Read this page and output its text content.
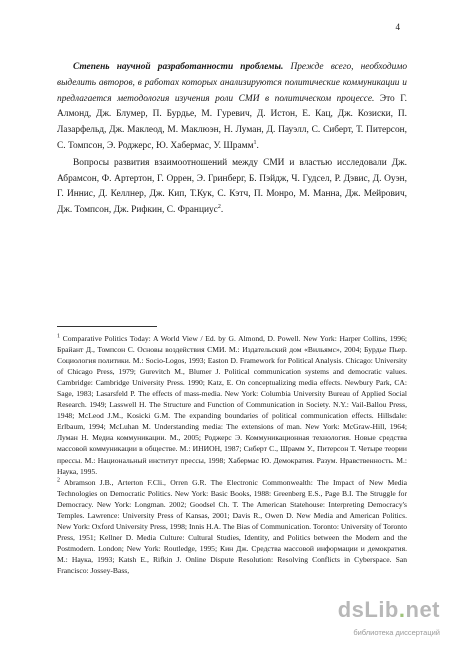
4

Степень научной разработанности проблемы. Прежде всего, необходимо выделить авторов, в работах которых анализируются политические коммуникации и предлагается методология изучения роли СМИ в политическом процессе. Это Г. Алмонд, Дж. Блумер, П. Бурдье, М. Гуревич, Д. Истон, Е. Кац, Дж. Козиски, П. Лазарфельд, Дж. Маклеод, М. Маклюэн, Н. Луман, Д. Пауэлл, С. Сиберт, Т. Питерсон, С. Томпсон, Э. Роджерс, Ю. Хабермас, У. Шрамм$^1$.

Вопросы развития взаимоотношений между СМИ и властью исследовали Дж. Абрамсон, Ф. Артертон, Г. Оррен, Э. Гринберг, Б. Пэйдж, Ч. Гудсел, Р. Дэвис, Д. Оуэн, Г. Иннис, Д. Келлнер, Дж. Кип, Т.Кук, С. Кэтч, П. Монро, М. Манна, Дж. Мейрович, Дж. Томпсон, Дж. Рифкин, С. Франциус$^2$.

$^1$ Comparative Politics Today: A World View / Ed. by G. Almond, D. Powell. New York: Harper Collins, 1996; Брайант Д., Томпсон С. Основы воздействия СМИ. М.: Издательский дом «Вильямс», 2004; Бурдье Пьер. Социология политики. М.: Socio-Logos, 1993; Easton D. Framework for Political Analysis. Chicago: University of Chicago Press, 1979; Gurevitch M., Blumer J. Political communication systems and democratic values. Cambridge: Cambridge University Press. 1990; Katz, E. On conceptualizing media effects. Newbury Park, CA: Sage, 1983; Lasarsfeld P. The effects of mass-media. New York: Columbia University Bureau of Applied Social Research. 1949; Lasswell H. The Structure and Function of Communication in Society. N.Y.: Vail-Ballou Press, 1948; McLeod J.M., Kosicki G.M. The expanding boundaries of political communication effects. Hillsdale: Erlbaum, 1994; McLuhan M. Understanding media: The extensions of man. New York: McGraw-Hill, 1964; Луман Н. Медиа коммуникации. М., 2005; Роджерс Э. Коммуникационная технология. Новые средства массовой коммуникации в обществе. М.: ИНИОН, 1987; Сиберт С., Шрамм У., Питерсон Т. Четыре теории прессы. М.: Национальный институт прессы, 1998; Хабермас Ю. Демократия. Разум. Нравственность. М.: Наука, 1995.

$^2$ Abramson J.B., Arterton F.Cli., Orren G.R. The Electronic Commonwealth: The Impact of New Media Technologies on Democratic Politics. New York: Basic Books, 1988: Greenberg E.S., Page B.I. The Struggle for Democracy. New York: Longman. 2002; Goodsel Ch. T. The American Statehouse: Interpreting Democracy's Temples. Lawrence: University Press of Kansas, 2001; Davis R., Owen D. New Media and American Politics. New York: Oxford University Press, 1998; Innis H.A. The Bias of Communication. Toronto: University of Toronto Press, 1951; Kellner D. Media Culture: Cultural Studies, Identity, and Politics between the Modern and the Postmodern. London; New York: Routledge, 1995; Кин Дж. Средства массовой информации и демократия. М.: Наука, 1993; Katsh E., Rifkin J. Online Dispute Resolution: Resolving Conflicts in Cyberspace. San Francisco: Jossey-Bass,

dsLib.net
библиотека диссертаций
